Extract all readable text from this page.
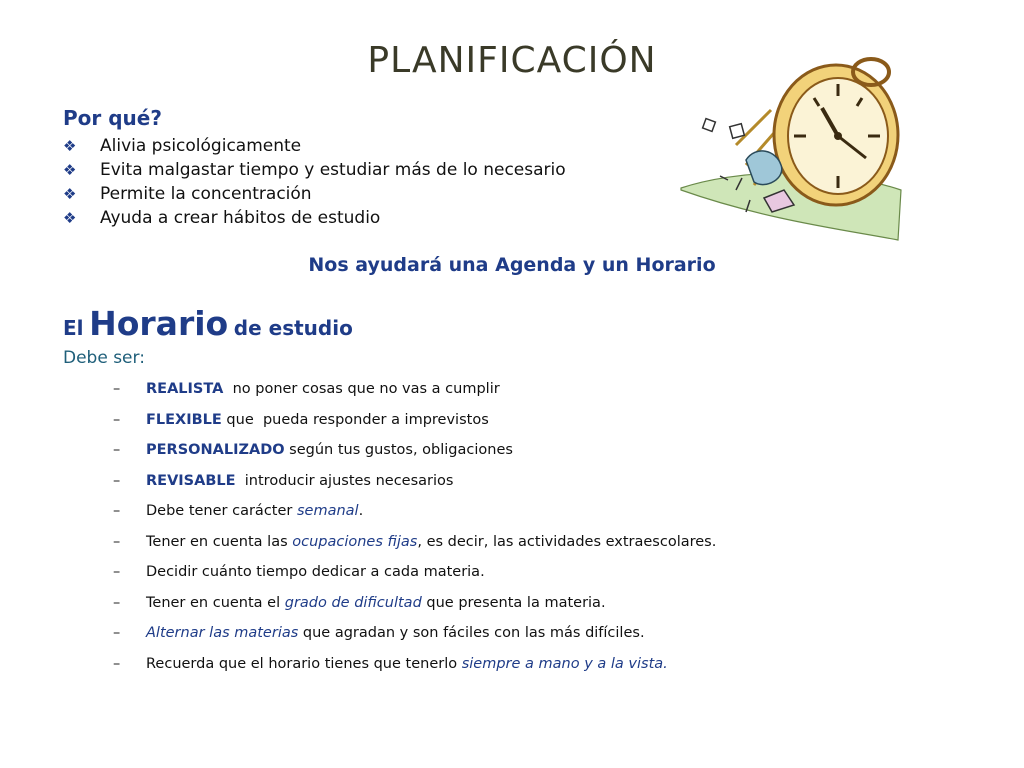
PLANIFICACIÓN
Por qué?
❖ Alivia psicológicamente
❖ Evita malgastar tiempo y estudiar más de lo necesario
❖ Permite la concentración
❖ Ayuda a crear hábitos de estudio
Nos ayudará una Agenda y un Horario
El Horario de estudio
Debe ser:
– REALISTA  no poner cosas que no vas a cumplir
– FLEXIBLE que  pueda responder a imprevistos
– PERSONALIZADO según tus gustos, obligaciones
– REVISABLE  introducir ajustes necesarios
– Debe tener carácter semanal.
– Tener en cuenta las ocupaciones fijas, es decir, las actividades extraescolares.
– Decidir cuánto tiempo dedicar a cada materia.
– Tener en cuenta el grado de dificultad que presenta la materia.
– Alternar las materias que agradan y son fáciles con las más difíciles.
– Recuerda que el horario tienes que tenerlo siempre a mano y a la vista.
